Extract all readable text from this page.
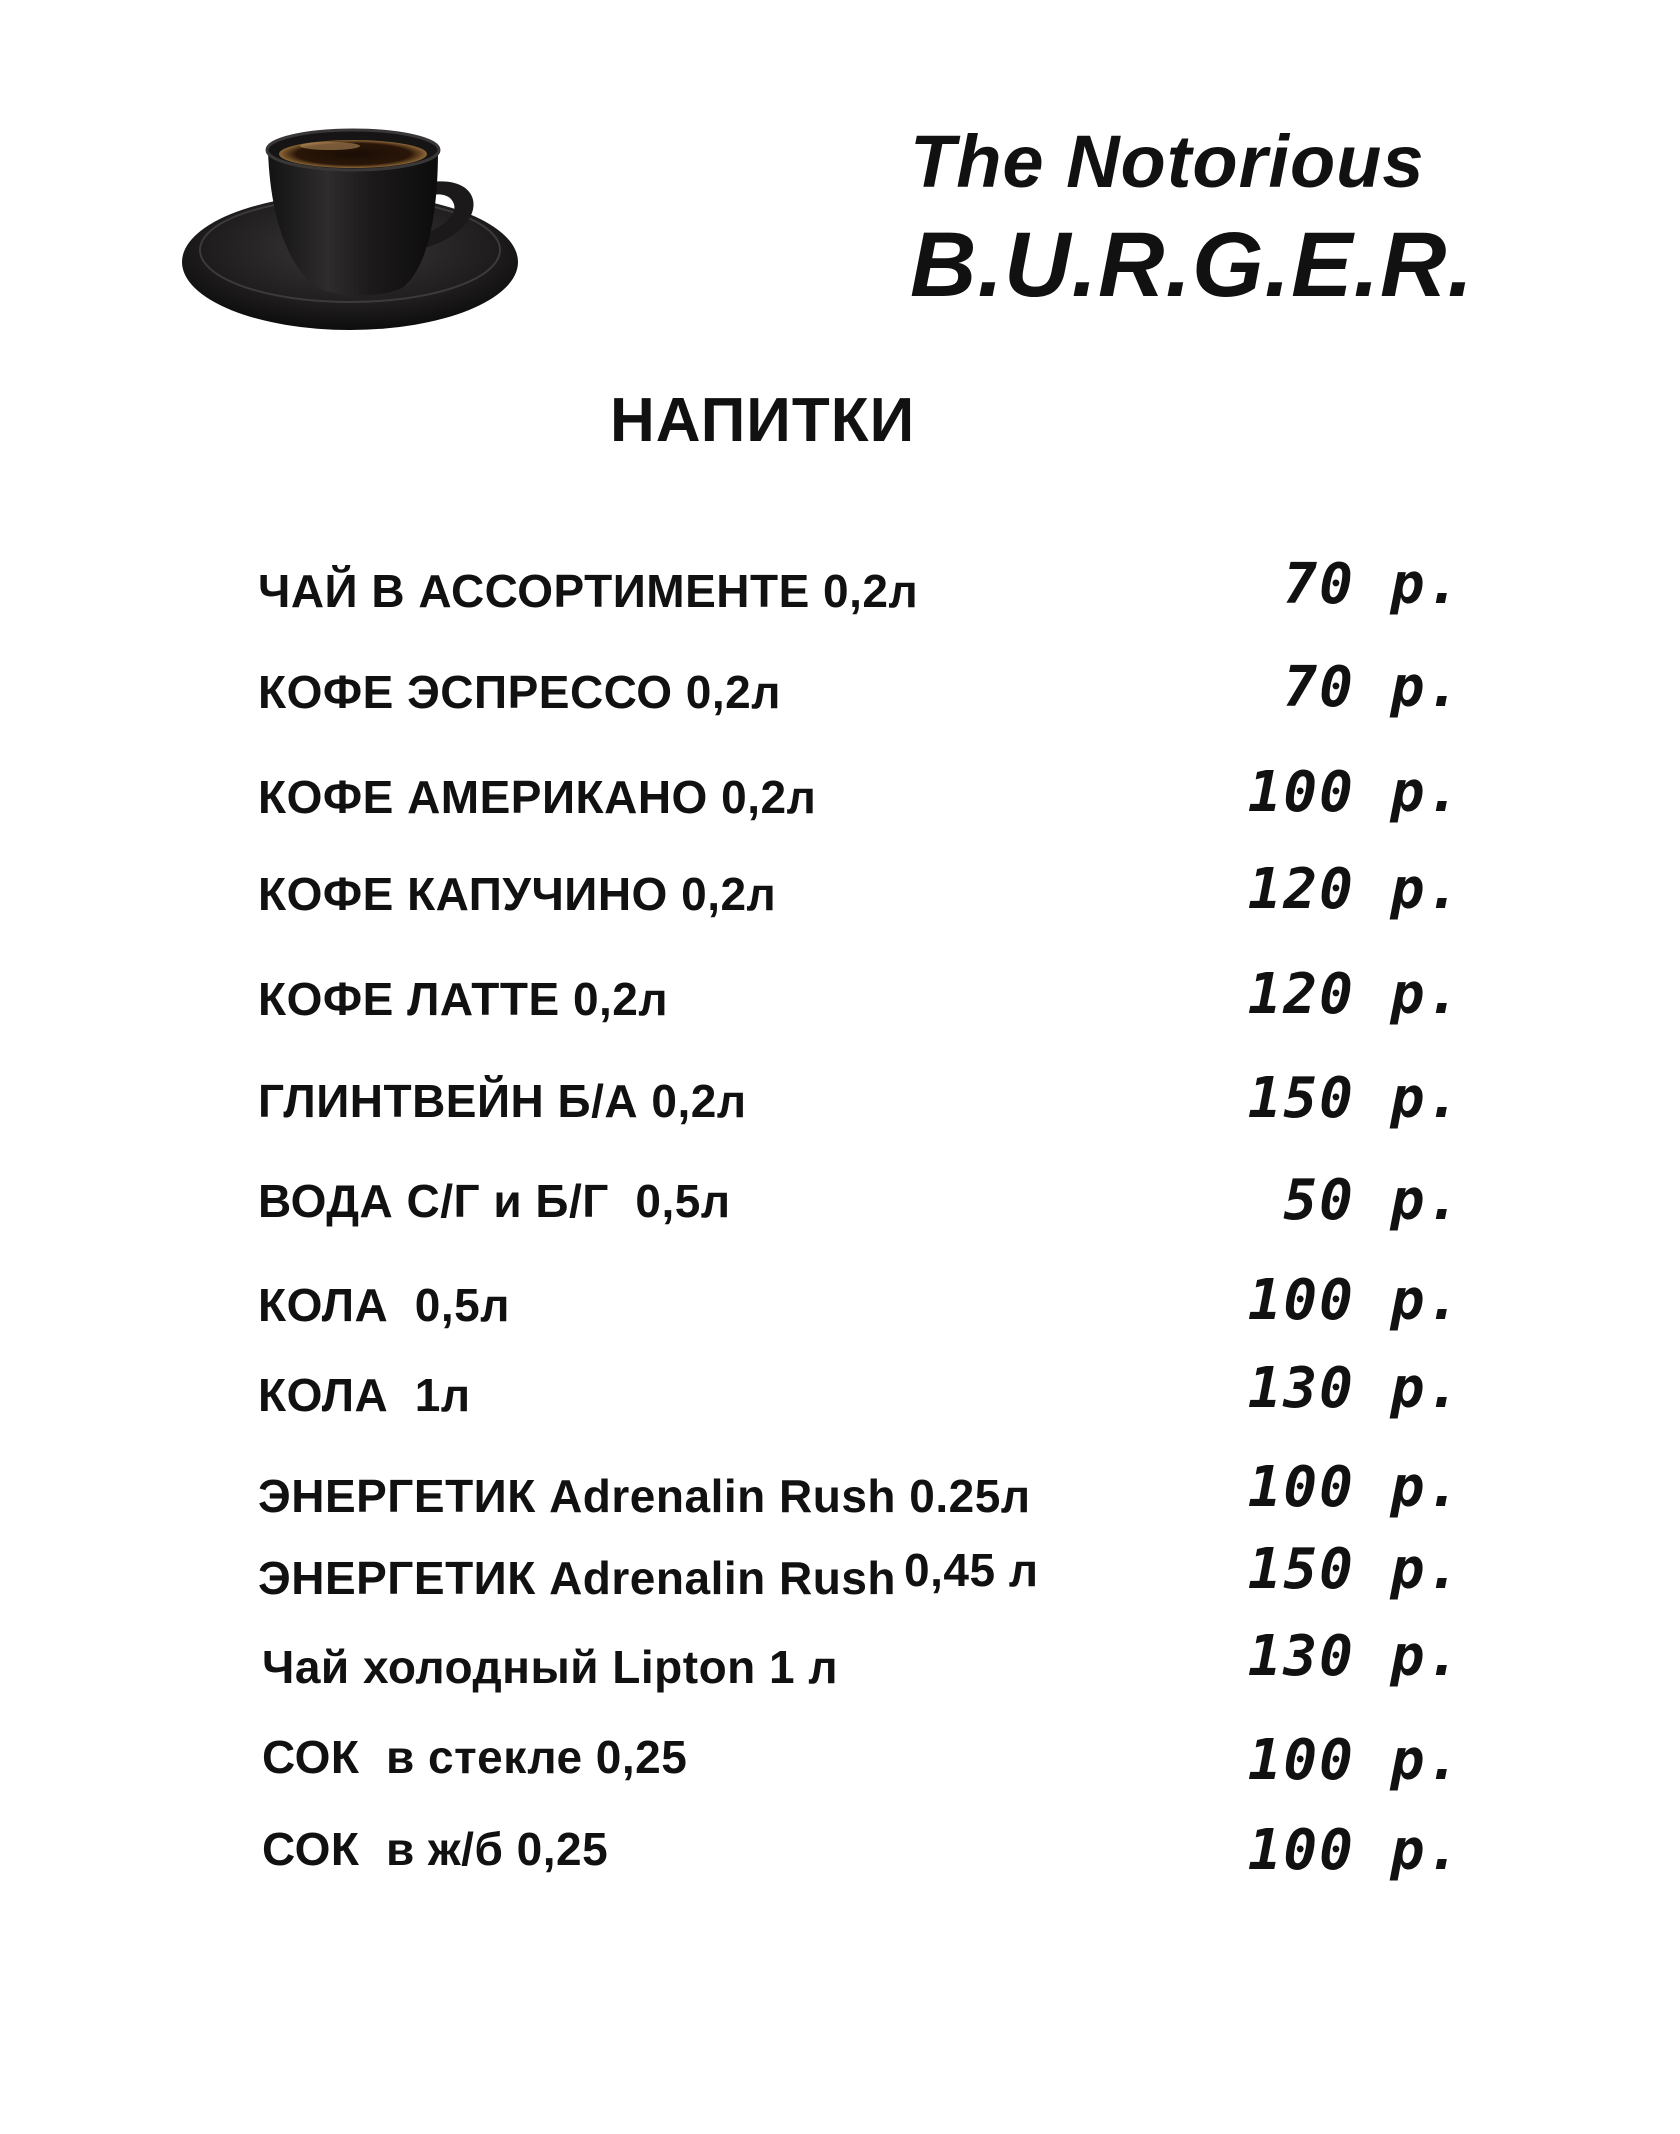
The Notorious
B.U.R.G.E.R.
НАПИТКИ
ЧАЙ В АССОРТИМЕНТЕ 0,2л	70 р.
КОФЕ ЭСПРЕССО 0,2л	70 р.
КОФЕ АМЕРИКАНО 0,2л	100 р.
КОФЕ КАПУЧИНО 0,2л	120 р.
КОФЕ ЛАТТЕ 0,2л	120 р.
ГЛИНТВЕЙН Б/А 0,2л	150 р.
ВОДА С/Г и Б/Г  0,5л	50 р.
КОЛА  0,5л	100 р.
КОЛА  1л	130 р.
ЭНЕРГЕТИК Adrenalin Rush 0.25л	100 р.
ЭНЕРГЕТИК Adrenalin Rush 0,45 л	150 р.
Чай холодный Lipton 1 л	130 р.
СОК  в стекле 0,25	100 р.
СОК  в ж/б 0,25	100 р.
